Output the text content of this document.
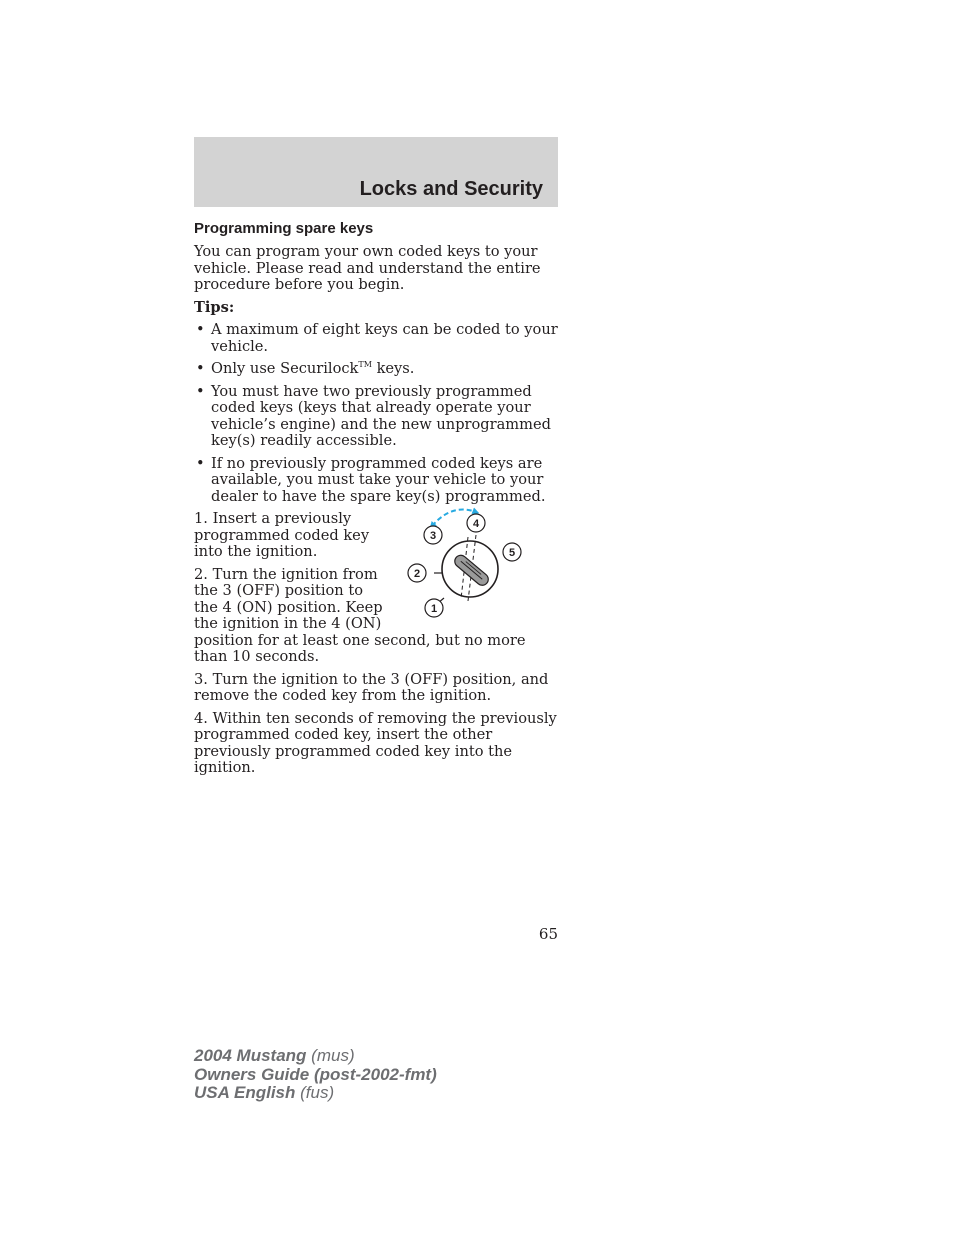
Locks and Security
Programming spare keys

You can program your own coded keys to your vehicle. Please read and understand the entire procedure before you begin.

Tips:

• A maximum of eight keys can be coded to your vehicle.
• Only use Securilock™ keys.
• You must have two previously programmed coded keys (keys that already operate your vehicle’s engine) and the new unprogrammed key(s) readily accessible.
• If no previously programmed coded keys are available, you must take your vehicle to your dealer to have the spare key(s) programmed.
3
4
5
2
1

1. Insert a previously programmed coded key into the ignition.

2. Turn the ignition from the 3 (OFF) position to the 4 (ON) position. Keep the ignition in the 4 (ON) position for at least one second, but no more than 10 seconds.

3. Turn the ignition to the 3 (OFF) position, and remove the coded key from the ignition.

4. Within ten seconds of removing the previously programmed coded key, insert the other previously programmed coded key into the ignition.

65
2004 Mustang (mus)
Owners Guide (post-2002-fmt)
USA English (fus)
